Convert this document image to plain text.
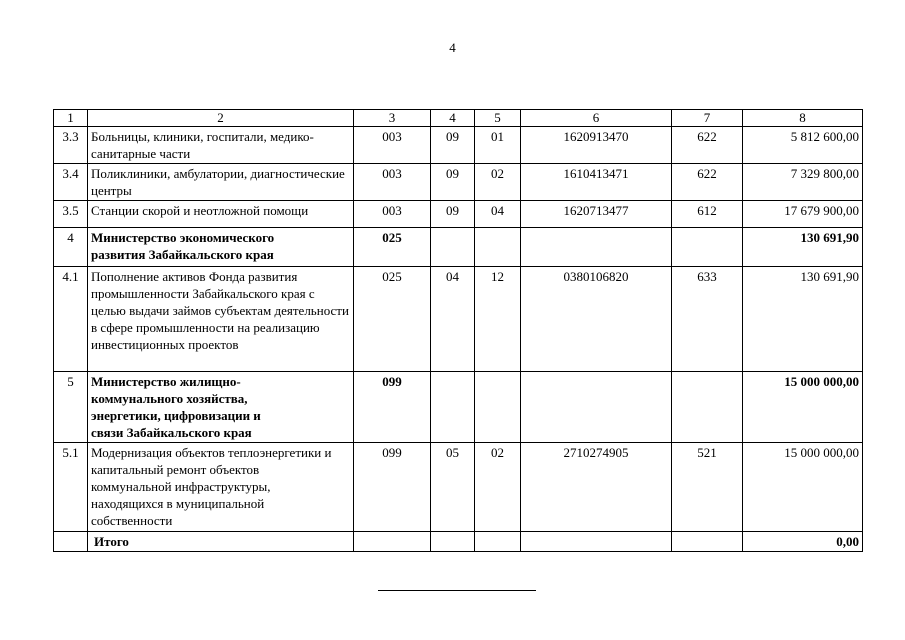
4
1	2	3	4	5	6	7	8
3.3	Больницы, клиники, госпитали, медико-санитарные части	003	09	01	1620913470	622	5 812 600,00
3.4	Поликлиники, амбулатории, диагностические центры	003	09	02	1610413471	622	7 329 800,00
3.5	Станции скорой и неотложной помощи	003	09	04	1620713477	612	17 679 900,00
4	Министерство экономического развития Забайкальского края	025					130 691,90
4.1	Пополнение активов Фонда развития промышленности Забайкальского края с целью выдачи займов субъектам деятельности в сфере промышленности на реализацию инвестиционных проектов	025	04	12	0380106820	633	130 691,90
5	Министерство жилищно-коммунального хозяйства, энергетики, цифровизации и связи Забайкальского края	099					15 000 000,00
5.1	Модернизация объектов теплоэнергетики и капитальный ремонт объектов коммунальной инфраструктуры, находящихся в муниципальной собственности	099	05	02	2710274905	521	15 000 000,00
	Итого						0,00
